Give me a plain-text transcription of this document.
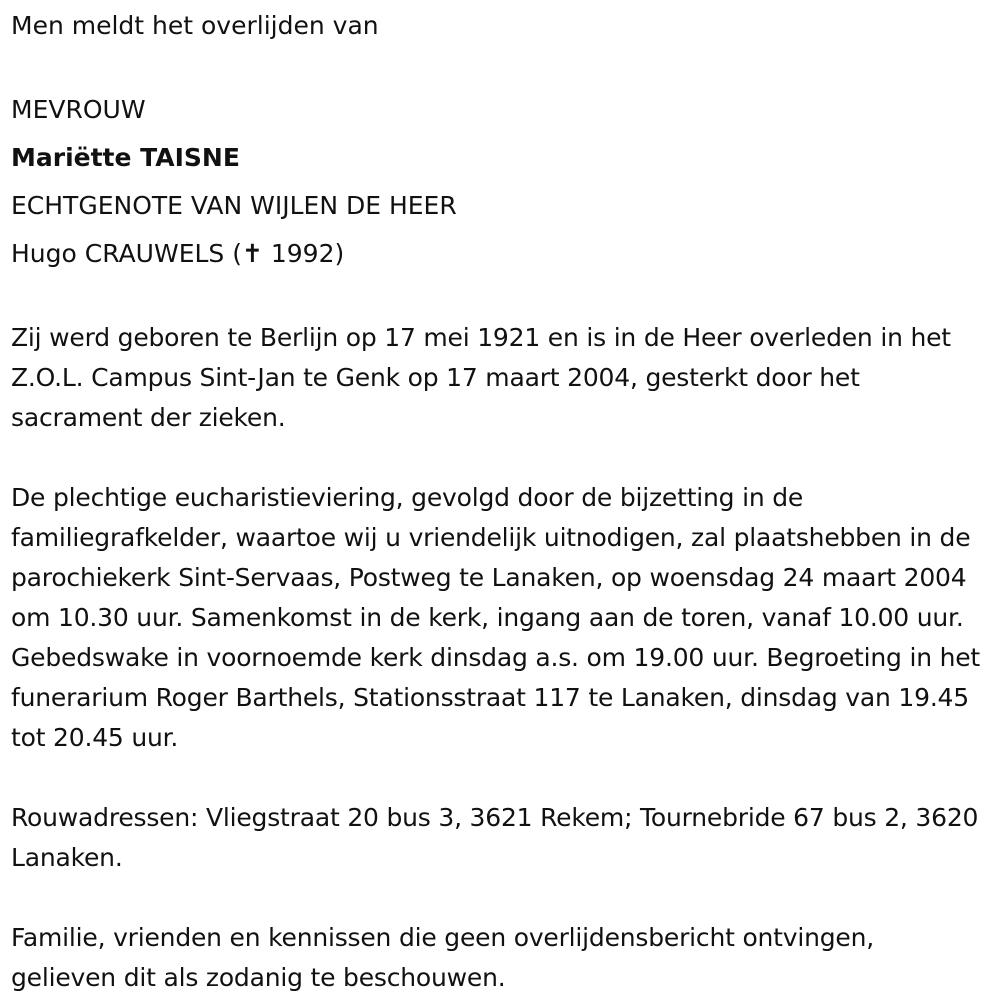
Men meldt het overlijden van

MEVROUW

Mariëtte TAISNE

ECHTGENOTE VAN WIJLEN DE HEER

Hugo CRAUWELS (✝ 1992)

Zij werd geboren te Berlijn op 17 mei 1921 en is in de Heer overleden in het Z.O.L. Campus Sint-Jan te Genk op 17 maart 2004, gesterkt door het sacrament der zieken.

De plechtige eucharistieviering, gevolgd door de bijzetting in de familiegrafkelder, waartoe wij u vriendelijk uitnodigen, zal plaatshebben in de parochiekerk Sint-Servaas, Postweg te Lanaken, op woensdag 24 maart 2004 om 10.30 uur. Samenkomst in de kerk, ingang aan de toren, vanaf 10.00 uur. Gebedswake in voornoemde kerk dinsdag a.s. om 19.00 uur. Begroeting in het funerarium Roger Barthels, Stationsstraat 117 te Lanaken, dinsdag van 19.45 tot 20.45 uur.

Rouwadressen: Vliegstraat 20 bus 3, 3621 Rekem; Tournebride 67 bus 2, 3620 Lanaken.

Familie, vrienden en kennissen die geen overlijdensbericht ontvingen, gelieven dit als zodanig te beschouwen.
